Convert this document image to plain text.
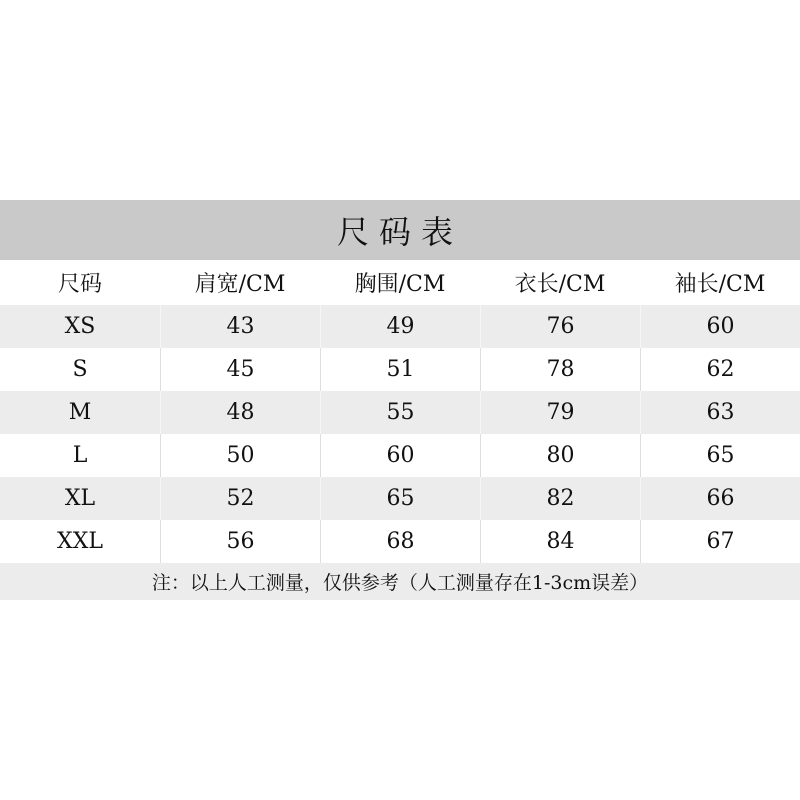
尺码表
尺码	肩宽/CM	胸围/CM	衣长/CM	袖长/CM
XS	43	49	76	60
S	45	51	78	62
M	48	55	79	63
L	50	60	80	65
XL	52	65	82	66
XXL	56	68	84	67
注：以上人工测量，仅供参考（人工测量存在1-3cm误差）
